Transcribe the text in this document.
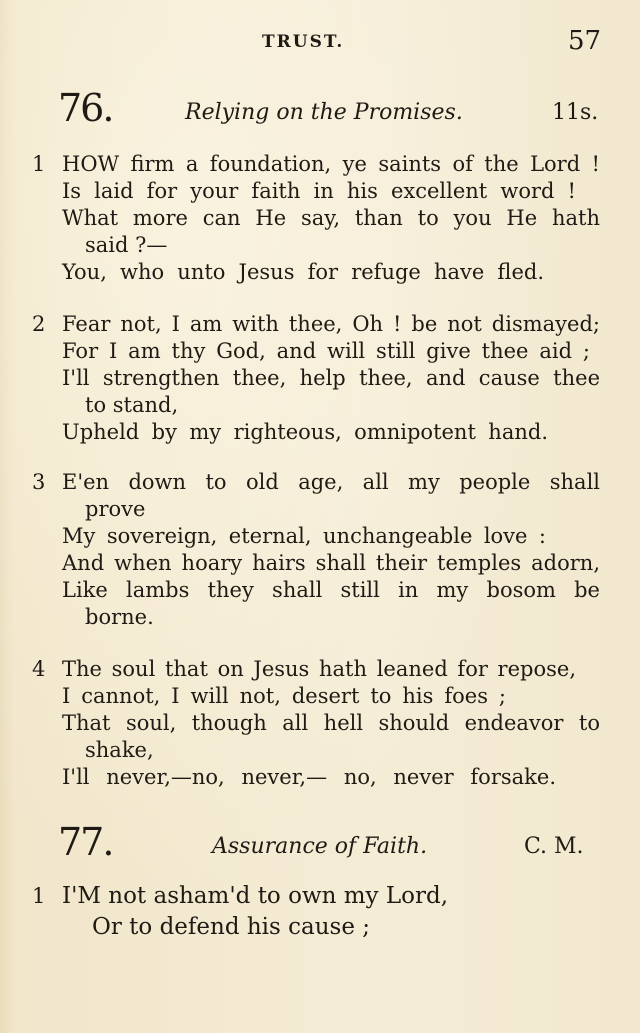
TRUST.	57
76.	Relying on the Promises.	11s.
1 HOW firm a foundation, ye saints of the Lord !
Is laid for your faith in his excellent word !
What more can He say, than to you He hath
said ?—
You, who unto Jesus for refuge have fled.
2 Fear not, I am with thee, Oh ! be not dismayed;
For I am thy God, and will still give thee aid ;
I'll strengthen thee, help thee, and cause thee
to stand,
Upheld by my righteous, omnipotent hand.
3 E'en down to old age, all my people shall
prove
My sovereign, eternal, unchangeable love :
And when hoary hairs shall their temples adorn,
Like lambs they shall still in my bosom be
borne.
4 The soul that on Jesus hath leaned for repose,
I cannot, I will not, desert to his foes ;
That soul, though all hell should endeavor to
shake,
I'll never,—no, never,— no, never forsake.
77.	Assurance of Faith.	C. M.
1 I'M not asham'd to own my Lord,
Or to defend his cause ;
